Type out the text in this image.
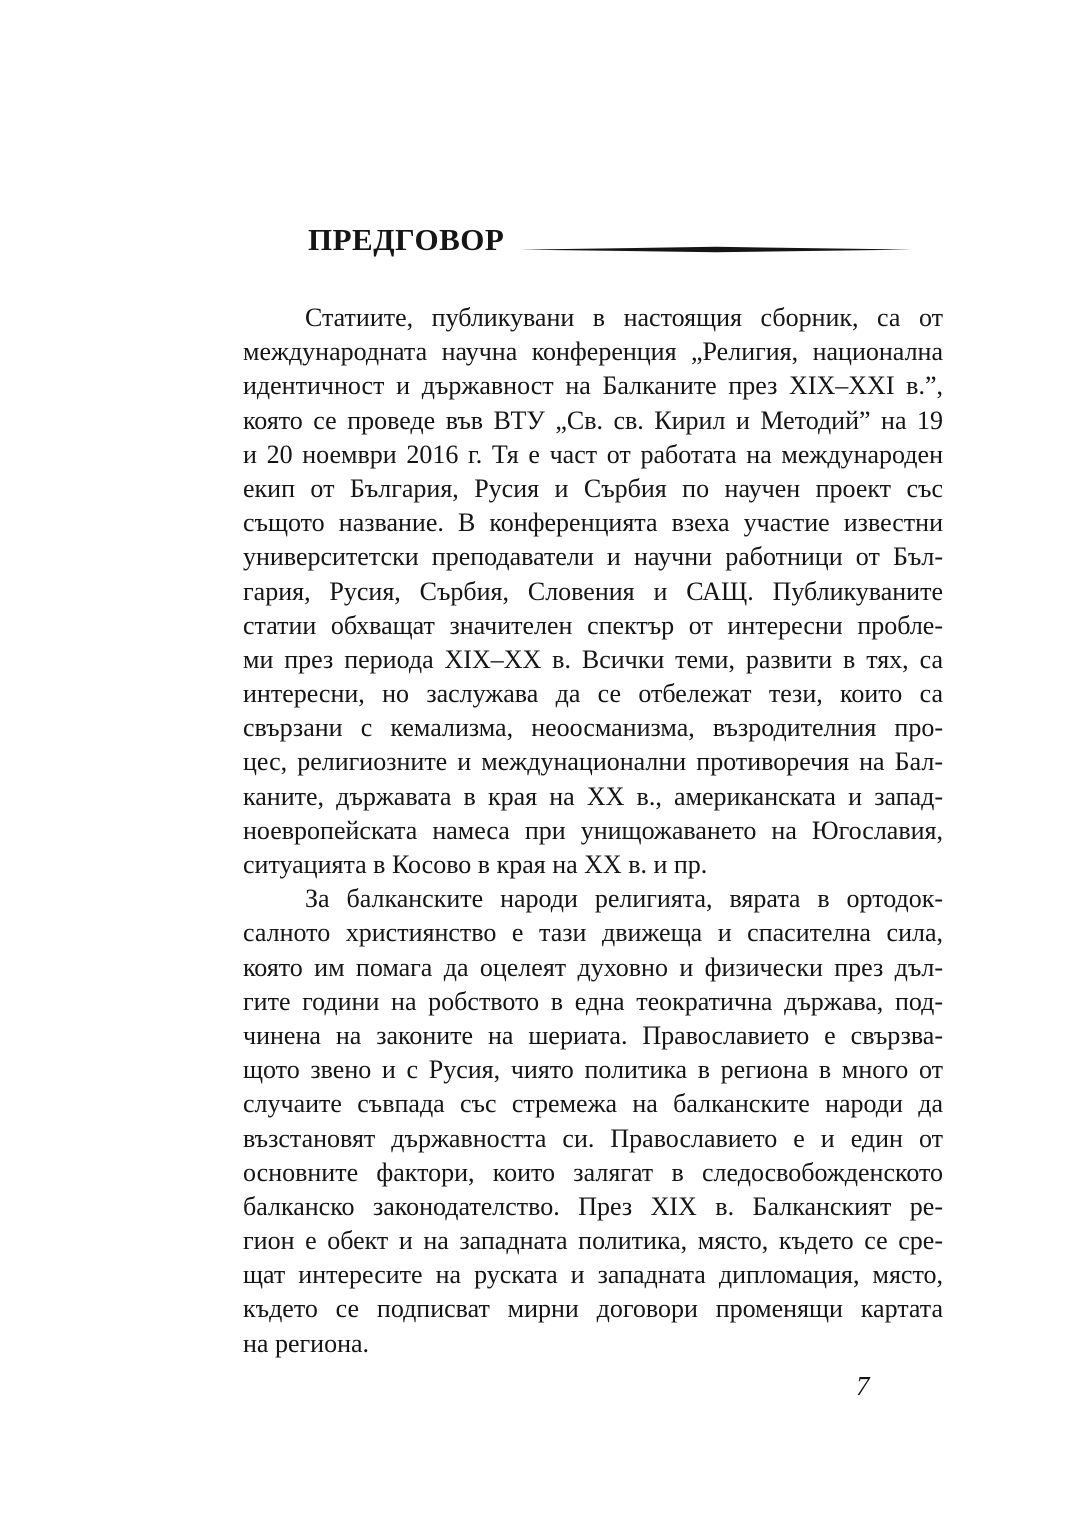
ПРЕДГОВОР
Статиите, публикувани в настоящия сборник, са от
международната научна конференция „Религия, национална
идентичност и държавност на Балканите през XIX–XXI в.”,
която се проведе във ВТУ „Св. св. Кирил и Методий” на 19
и 20 ноември 2016 г. Тя е част от работата на международен
екип от България, Русия и Сърбия по научен проект със
същото название. В конференцията взеха участие известни
университетски преподаватели и научни работници от Бъл-
гария, Русия, Сърбия, Словения и САЩ. Публикуваните
статии обхващат значителен спектър от интересни пробле-
ми през периода XIX–XX в. Всички теми, развити в тях, са
интересни, но заслужава да се отбележат тези, които са
свързани с кемализма, неоосманизма, възродителния про-
цес, религиозните и междунационални противоречия на Бал-
каните, държавата в края на XX в., американската и запад-
ноевропейската намеса при унищожаването на Югославия,
ситуацията в Косово в края на XX в. и пр.
За балканските народи религията, вярата в ортодок-
салното християнство е тази движеща и спасителна сила,
която им помага да оцелеят духовно и физически през дъл-
гите години на робството в една теократична държава, под-
чинена на законите на шериата. Православието е свързва-
щото звено и с Русия, чиято политика в региона в много от
случаите съвпада със стремежа на балканските народи да
възстановят държавността си. Православието е и един от
основните фактори, които залягат в следосвобожденското
балканско законодателство. През XIX в. Балканският ре-
гион е обект и на западната политика, място, където се сре-
щат интересите на руската и западната дипломация, място,
където се подписват мирни договори променящи картата
на региона.
7
